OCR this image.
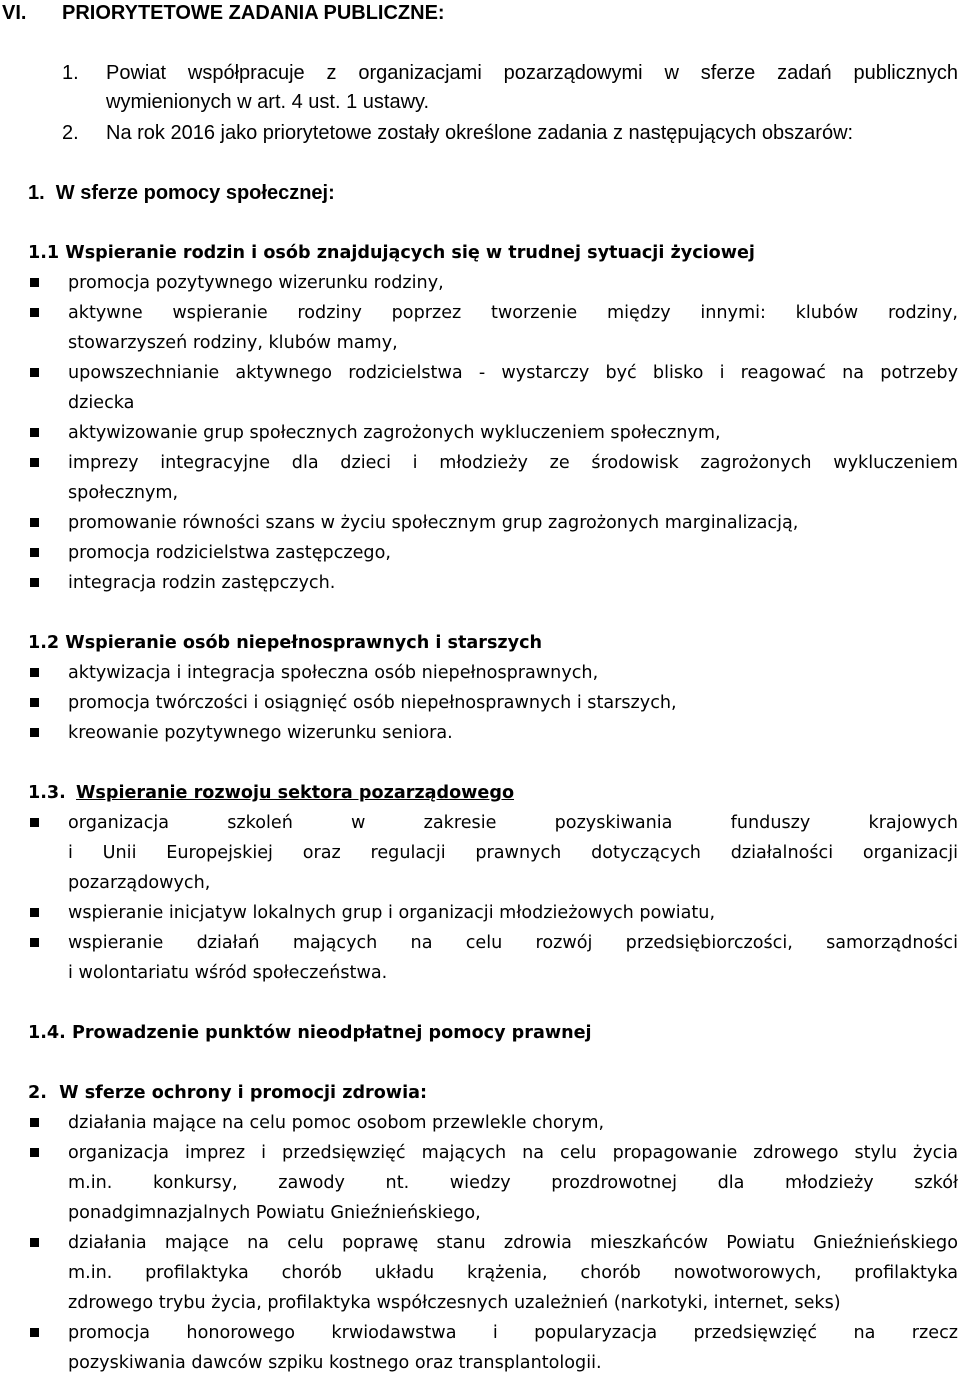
VI. PRIORYTETOWE ZADANIA PUBLICZNE:
1. Powiat współpracuje z organizacjami pozarządowymi w sferze zadań publicznych
wymienionych w art. 4 ust. 1 ustawy.
2. Na rok 2016 jako priorytetowe zostały określone zadania z następujących obszarów:
1.  W sferze pomocy społecznej:
1.1 Wspieranie rodzin i osób znajdujących się w trudnej sytuacji życiowej
promocja pozytywnego wizerunku rodziny,
aktywne wspieranie rodziny poprzez tworzenie między innymi: klubów rodziny,
stowarzyszeń rodziny, klubów mamy,
upowszechnianie aktywnego rodzicielstwa - wystarczy być blisko i reagować na potrzeby
dziecka
aktywizowanie grup społecznych zagrożonych wykluczeniem społecznym,
imprezy integracyjne dla dzieci i młodzieży ze środowisk zagrożonych wykluczeniem
społecznym,
promowanie równości szans w życiu społecznym grup zagrożonych marginalizacją,
promocja rodzicielstwa zastępczego,
integracja rodzin zastępczych.
1.2 Wspieranie osób niepełnosprawnych i starszych
aktywizacja i integracja społeczna osób niepełnosprawnych,
promocja twórczości i osiągnięć osób niepełnosprawnych i starszych,
kreowanie pozytywnego wizerunku seniora.
1.3. Wspieranie rozwoju sektora pozarządowego
organizacja szkoleń w zakresie pozyskiwania funduszy krajowych
i Unii Europejskiej oraz regulacji prawnych dotyczących działalności organizacji
pozarządowych,
wspieranie inicjatyw lokalnych grup i organizacji młodzieżowych powiatu,
wspieranie działań mających na celu rozwój przedsiębiorczości, samorządności
i wolontariatu wśród społeczeństwa.
1.4. Prowadzenie punktów nieodpłatnej pomocy prawnej
2.  W sferze ochrony i promocji zdrowia:
działania mające na celu pomoc osobom przewlekle chorym,
organizacja imprez i przedsięwzięć mających na celu propagowanie zdrowego stylu życia
m.in. konkursy, zawody nt. wiedzy prozdrowotnej dla młodzieży szkół
ponadgimnazjalnych Powiatu Gnieźnieńskiego,
działania mające na celu poprawę stanu zdrowia mieszkańców Powiatu Gnieźnieńskiego
m.in. profilaktyka chorób układu krążenia, chorób nowotworowych, profilaktyka
zdrowego trybu życia, profilaktyka współczesnych uzależnień (narkotyki, internet, seks)
promocja honorowego krwiodawstwa i popularyzacja przedsięwzięć na rzecz
pozyskiwania dawców szpiku kostnego oraz transplantologii.
